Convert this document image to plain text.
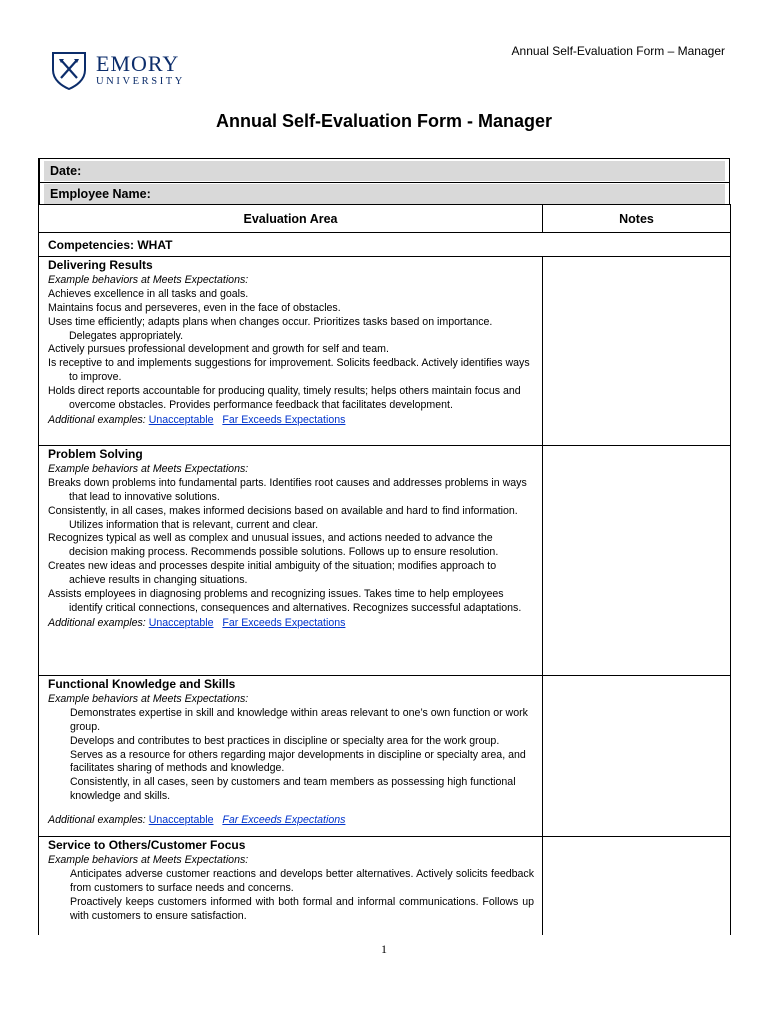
Annual Self-Evaluation Form – Manager
EMORY
UNIVERSITY
Annual Self-Evaluation Form - Manager
Date:
Employee Name:
Evaluation Area	Notes
Competencies: WHAT
Delivering Results
Example behaviors at Meets Expectations:
Achieves excellence in all tasks and goals.
Maintains focus and perseveres, even in the face of obstacles.
Uses time efficiently; adapts plans when changes occur. Prioritizes tasks based on importance. Delegates appropriately.
Actively pursues professional development and growth for self and team.
Is receptive to and implements suggestions for improvement. Solicits feedback. Actively identifies ways to improve.
Holds direct reports accountable for producing quality, timely results; helps others maintain focus and overcome obstacles. Provides performance feedback that facilitates development.
Additional examples: Unacceptable Far Exceeds Expectations
Problem Solving
Example behaviors at Meets Expectations:
Breaks down problems into fundamental parts. Identifies root causes and addresses problems in ways that lead to innovative solutions.
Consistently, in all cases, makes informed decisions based on available and hard to find information. Utilizes information that is relevant, current and clear.
Recognizes typical as well as complex and unusual issues, and actions needed to advance the decision making process. Recommends possible solutions. Follows up to ensure resolution.
Creates new ideas and processes despite initial ambiguity of the situation; modifies approach to achieve results in changing situations.
Assists employees in diagnosing problems and recognizing issues. Takes time to help employees identify critical connections, consequences and alternatives. Recognizes successful adaptations.
Additional examples: Unacceptable Far Exceeds Expectations
Functional Knowledge and Skills
Example behaviors at Meets Expectations:
Demonstrates expertise in skill and knowledge within areas relevant to one’s own function or work group.
Develops and contributes to best practices in discipline or specialty area for the work group.
Serves as a resource for others regarding major developments in discipline or specialty area, and facilitates sharing of methods and knowledge.
Consistently, in all cases, seen by customers and team members as possessing high functional knowledge and skills.
Additional examples: Unacceptable Far Exceeds Expectations
Service to Others/Customer Focus
Example behaviors at Meets Expectations:
Anticipates adverse customer reactions and develops better alternatives. Actively solicits feedback from customers to surface needs and concerns.
Proactively keeps customers informed with both formal and informal communications. Follows up with customers to ensure satisfaction.
1
